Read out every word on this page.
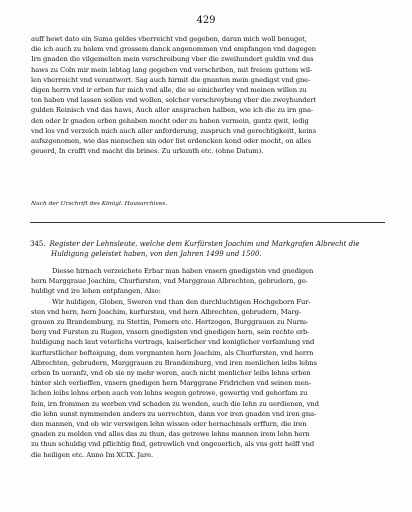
429
auff hewt dato ein Suma geldes vberreicht vnd gegeben, daran mich woll benuget,
die ich auch zu holem vnd grossem danck angenommen vnd empfangen vnd dagegen
Irn gnaden die vilgemelten mein verschreibung vber die zweihundert guldin vnd das
haws zu Coln mir mein lebtag lang gegeben vnd verschriben, mit freiem guttem wil-
len vberreicht vnd verantwort. Sag auch hirmit die gnanten mein gnedigst vnd gne-
digen herrn vnd ir erben fur mich vnd alle, die se einicherley vnd meinen willen zu
ton haben vnd lassen sollen vnd wollen, solcher verschreybung vber die zweyhundert
gulden Reinisch vnd das haws, Auch aller ansprachen halben, wie ich die zu irn gna-
den oder Ir gnaden erben gehaben mocht oder zu haben vermein, gantz qwit, ledig
vnd los vnd verzeich mich auch aller anforderung, zuspruch vnd gerechtigkeitt, keins
aufszgenomen, wie das menschen sin oder list erdencken kond oder mocht, on alles
geuerd, In crafft vnd macht dis brines. Zu urkunth etc. (ohne Datum).
Nach der Urschrift des Königl. Hausarchives.
345. Register der Lehnsleute, welche dem Kurfürsten Joachim und Markgrafen Albrecht die
Huldigung geleistet haben, von den Jahren 1499 und 1500.
Diesse hirnach verzeichete Erbar man haben vnsern gnedigsten vnd gnedigen
hern Marggraue Joachim, Churfursten, vnd Marggraue Albrechten, gebrudern, ge-
huldigt vnd ire lehen entpfangen, Also:
Wir huldigen, Globen, Sweren vnd than den durchluchtigen Hochgeborn Fur-
sten vnd hern, hern Joachim, kurfursten, vnd hern Albrechten, gebrudern, Marg-
grauen zu Brandemburg, zu Stettin, Pomern etc. Hertzogen, Burggrauen zu Nurm-
berg vnd Fursten zu Rugen, vnsern gnedigsten vnd gnedigen hern, sein rechte erb-
huldigung nach laut veterlichs vertrags, kaiserlicher vnd koniglicher verfamlung vnd
kurfurstlicher befteigung, dem vorgnanten hern Joachim, als Churfursten, vnd herrn
Albrechten, gebrudern, Marggrauen zu Brandemburg, vnd iren menlichen leibs lehns
erben In uoranfz, vnd ob sie ny mehr weren, auch nicht menlicher leibs lehns erben
hinter sich verlieffen, vnsern gnedigen hern Marggrane Fridrichen vnd seinen men-
lichen leibs lehns erben auch von lehns wegen getrewe, gewertig vnd gehorfam zu
fein, irn frommen zu werben vnd schaden zu wenden, auch die lehn zu uerdienen, vnd
die lehn sunst nymmenden anders zu uerrechten, dann vor iren gnaden vnd iren gna-
den mannen, vnd ob wir verswigen lehn wissen oder hernachmals erffurn, die iren
gnaden zu melden vnd alles das zu thun, das getrewe lehns mannen irem lehn hern
zu thun schuldig vnd pflichtig find, getrewlich vnd ongeuerlich, als vns gott helff vnd
die heiligen etc. Anno Im XCIX. Jare.
